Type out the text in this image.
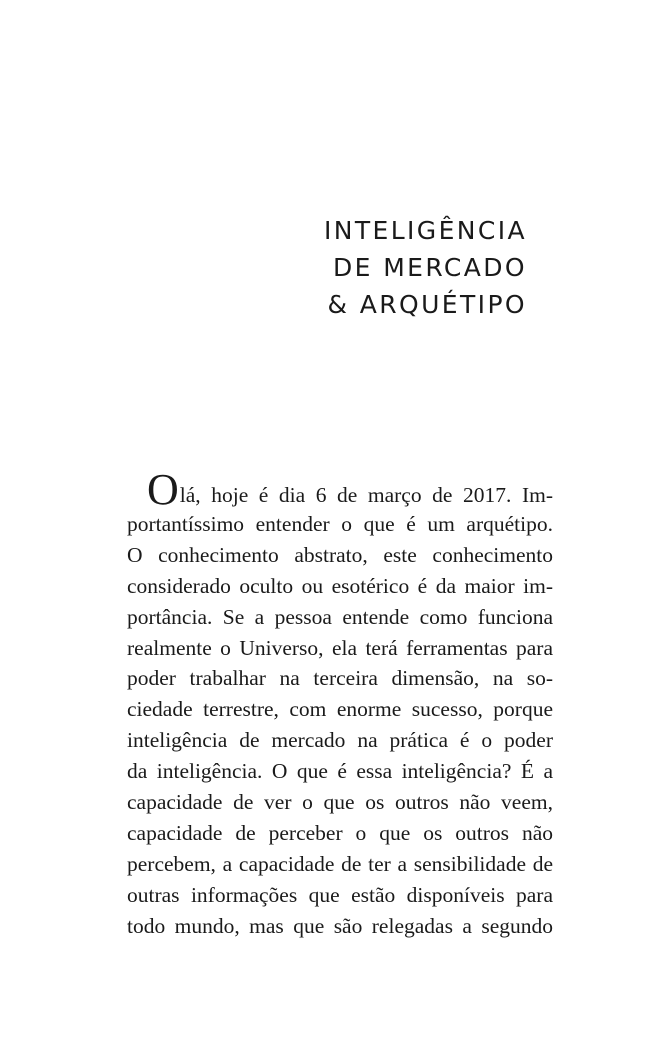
INTELIGÊNCIA
DE MERCADO
& ARQUÉTIPO
Olá, hoje é dia 6 de março de 2017. Im-
portantíssimo entender o que é um arquétipo.
O conhecimento abstrato, este conhecimento
considerado oculto ou esotérico é da maior im-
portância. Se a pessoa entende como funciona
realmente o Universo, ela terá ferramentas para
poder trabalhar na terceira dimensão, na so-
ciedade terrestre, com enorme sucesso, porque
inteligência de mercado na prática é o poder
da inteligência. O que é essa inteligência? É a
capacidade de ver o que os outros não veem,
capacidade de perceber o que os outros não
percebem, a capacidade de ter a sensibilidade de
outras informações que estão disponíveis para
todo mundo, mas que são relegadas a segundo
